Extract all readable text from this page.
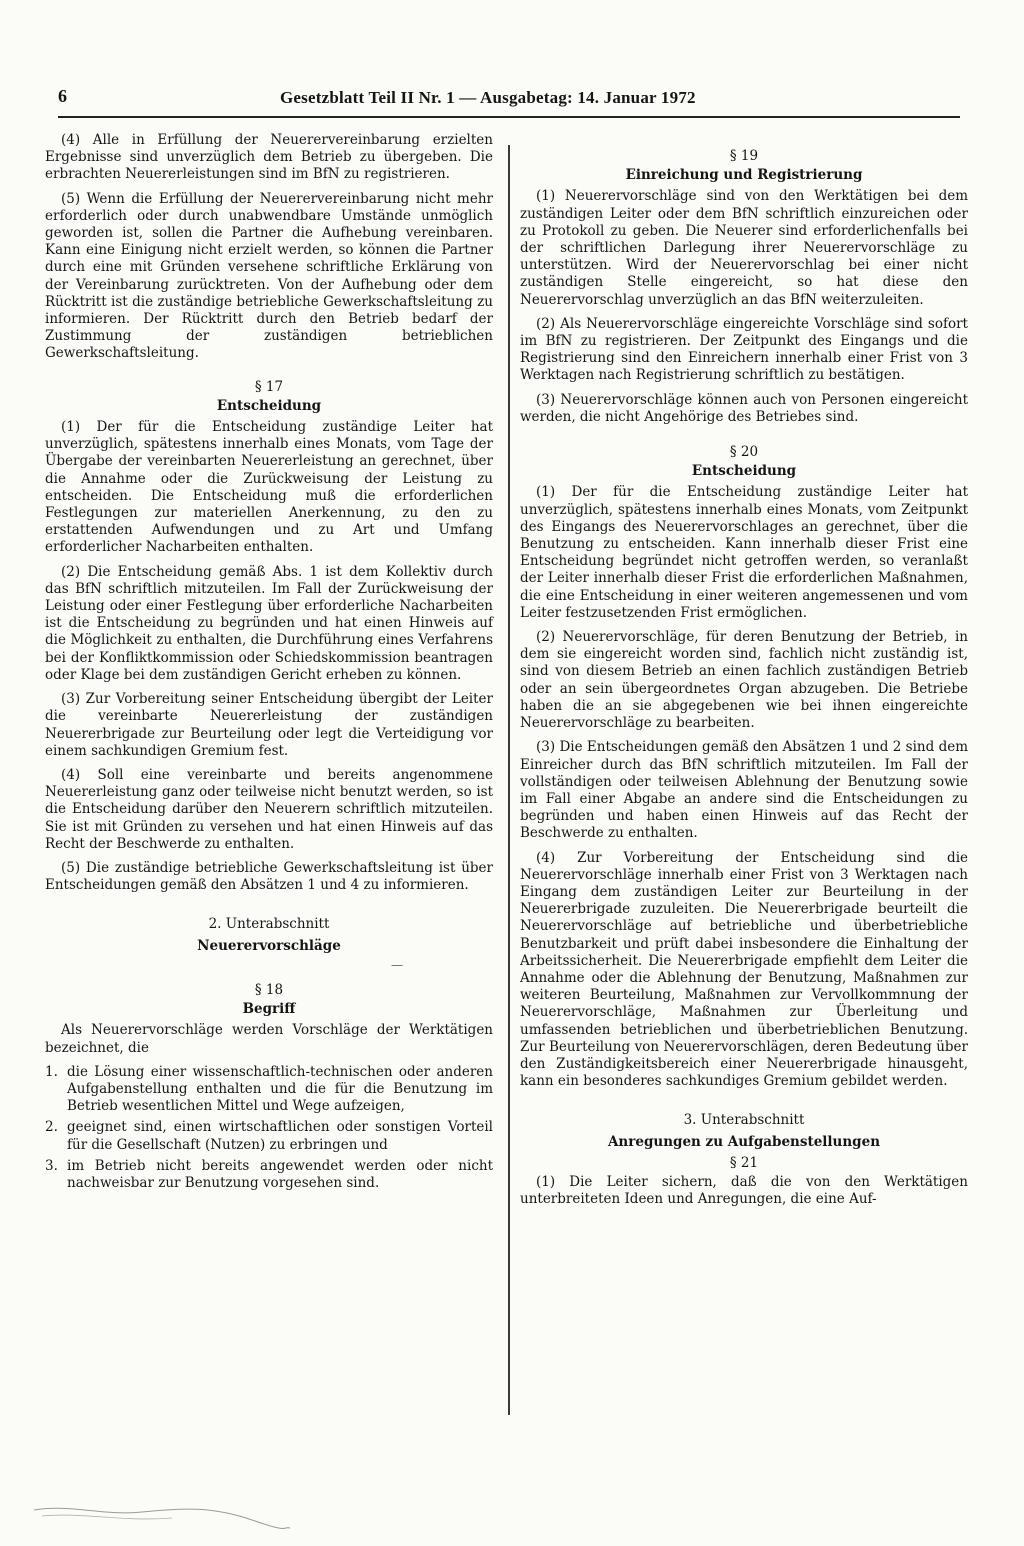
6	Gesetzblatt Teil II Nr. 1 — Ausgabetag: 14. Januar 1972

(4) Alle in Erfüllung der Neuerervereinbarung erzielten Ergebnisse sind unverzüglich dem Betrieb zu übergeben. Die erbrachten Neuererleistungen sind im BfN zu registrieren.

(5) Wenn die Erfüllung der Neuerervereinbarung nicht mehr erforderlich oder durch unabwendbare Umstände unmöglich geworden ist, sollen die Partner die Aufhebung vereinbaren. Kann eine Einigung nicht erzielt werden, so können die Partner durch eine mit Gründen versehene schriftliche Erklärung von der Vereinbarung zurücktreten. Von der Aufhebung oder dem Rücktritt ist die zuständige betriebliche Gewerkschaftsleitung zu informieren. Der Rücktritt durch den Betrieb bedarf der Zustimmung der zuständigen betrieblichen Gewerkschaftsleitung.

§ 17
Entscheidung

(1) Der für die Entscheidung zuständige Leiter hat unverzüglich, spätestens innerhalb eines Monats, vom Tage der Übergabe der vereinbarten Neuererleistung an gerechnet, über die Annahme oder die Zurückweisung der Leistung zu entscheiden. Die Entscheidung muß die erforderlichen Festlegungen zur materiellen Anerkennung, zu den zu erstattenden Aufwendungen und zu Art und Umfang erforderlicher Nacharbeiten enthalten.

(2) Die Entscheidung gemäß Abs. 1 ist dem Kollektiv durch das BfN schriftlich mitzuteilen. Im Fall der Zurückweisung der Leistung oder einer Festlegung über erforderliche Nacharbeiten ist die Entscheidung zu begründen und hat einen Hinweis auf die Möglichkeit zu enthalten, die Durchführung eines Verfahrens bei der Konfliktkommission oder Schiedskommission beantragen oder Klage bei dem zuständigen Gericht erheben zu können.

(3) Zur Vorbereitung seiner Entscheidung übergibt der Leiter die vereinbarte Neuererleistung der zuständigen Neuererbrigade zur Beurteilung oder legt die Verteidigung vor einem sachkundigen Gremium fest.

(4) Soll eine vereinbarte und bereits angenommene Neuererleistung ganz oder teilweise nicht benutzt werden, so ist die Entscheidung darüber den Neuerern schriftlich mitzuteilen. Sie ist mit Gründen zu versehen und hat einen Hinweis auf das Recht der Beschwerde zu enthalten.

(5) Die zuständige betriebliche Gewerkschaftsleitung ist über Entscheidungen gemäß den Absätzen 1 und 4 zu informieren.

2. Unterabschnitt
Neuerervorschläge
—
§ 18
Begriff

Als Neuerervorschläge werden Vorschläge der Werktätigen bezeichnet, die

1. die Lösung einer wissenschaftlich-technischen oder anderen Aufgabenstellung enthalten und die für die Benutzung im Betrieb wesentlichen Mittel und Wege aufzeigen,
2. geeignet sind, einen wirtschaftlichen oder sonstigen Vorteil für die Gesellschaft (Nutzen) zu erbringen und
3. im Betrieb nicht bereits angewendet werden oder nicht nachweisbar zur Benutzung vorgesehen sind.
§ 19
Einreichung und Registrierung

(1) Neuerervorschläge sind von den Werktätigen bei dem zuständigen Leiter oder dem BfN schriftlich einzureichen oder zu Protokoll zu geben. Die Neuerer sind erforderlichenfalls bei der schriftlichen Darlegung ihrer Neuerervorschläge zu unterstützen. Wird der Neuerervorschlag bei einer nicht zuständigen Stelle eingereicht, so hat diese den Neuerervorschlag unverzüglich an das BfN weiterzuleiten.

(2) Als Neuerervorschläge eingereichte Vorschläge sind sofort im BfN zu registrieren. Der Zeitpunkt des Eingangs und die Registrierung sind den Einreichern innerhalb einer Frist von 3 Werktagen nach Registrierung schriftlich zu bestätigen.

(3) Neuerervorschläge können auch von Personen eingereicht werden, die nicht Angehörige des Betriebes sind.

§ 20
Entscheidung

(1) Der für die Entscheidung zuständige Leiter hat unverzüglich, spätestens innerhalb eines Monats, vom Zeitpunkt des Eingangs des Neuerervorschlages an gerechnet, über die Benutzung zu entscheiden. Kann innerhalb dieser Frist eine Entscheidung begründet nicht getroffen werden, so veranlaßt der Leiter innerhalb dieser Frist die erforderlichen Maßnahmen, die eine Entscheidung in einer weiteren angemessenen und vom Leiter festzusetzenden Frist ermöglichen.

(2) Neuerervorschläge, für deren Benutzung der Betrieb, in dem sie eingereicht worden sind, fachlich nicht zuständig ist, sind von diesem Betrieb an einen fachlich zuständigen Betrieb oder an sein übergeordnetes Organ abzugeben. Die Betriebe haben die an sie abgegebenen wie bei ihnen eingereichte Neuerervorschläge zu bearbeiten.

(3) Die Entscheidungen gemäß den Absätzen 1 und 2 sind dem Einreicher durch das BfN schriftlich mitzuteilen. Im Fall der vollständigen oder teilweisen Ablehnung der Benutzung sowie im Fall einer Abgabe an andere sind die Entscheidungen zu begründen und haben einen Hinweis auf das Recht der Beschwerde zu enthalten.

(4) Zur Vorbereitung der Entscheidung sind die Neuerervorschläge innerhalb einer Frist von 3 Werktagen nach Eingang dem zuständigen Leiter zur Beurteilung in der Neuererbrigade zuzuleiten. Die Neuererbrigade beurteilt die Neuerervorschläge auf betriebliche und überbetriebliche Benutzbarkeit und prüft dabei insbesondere die Einhaltung der Arbeitssicherheit. Die Neuererbrigade empfiehlt dem Leiter die Annahme oder die Ablehnung der Benutzung, Maßnahmen zur weiteren Beurteilung, Maßnahmen zur Vervollkommnung der Neuerervorschläge, Maßnahmen zur Überleitung und umfassenden betrieblichen und überbetrieblichen Benutzung. Zur Beurteilung von Neuerervorschlägen, deren Bedeutung über den Zuständigkeitsbereich einer Neuererbrigade hinausgeht, kann ein besonderes sachkundiges Gremium gebildet werden.

3. Unterabschnitt
Anregungen zu Aufgabenstellungen
§ 21

(1) Die Leiter sichern, daß die von den Werktätigen unterbreiteten Ideen und Anregungen, die eine Auf-
